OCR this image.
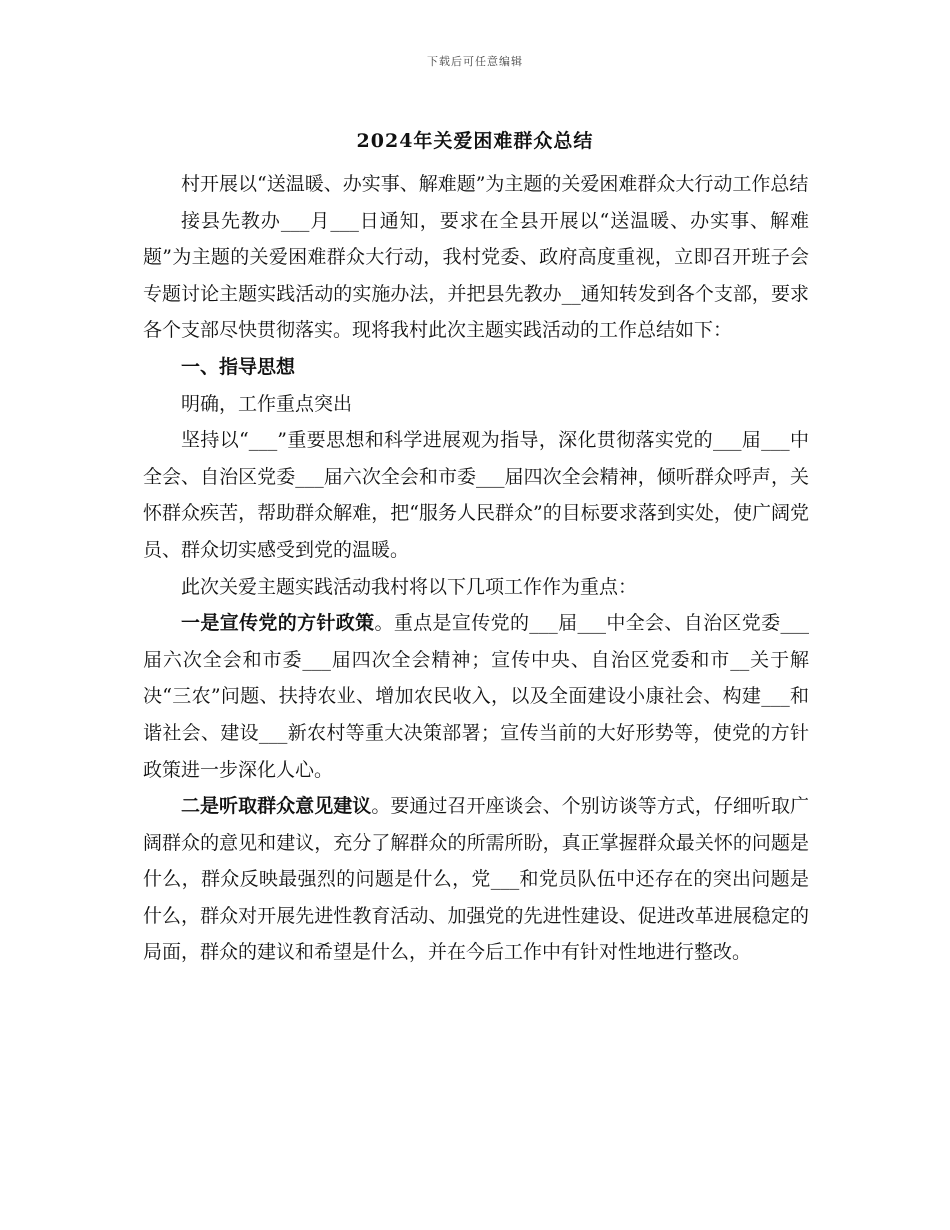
下载后可任意编辑
2024年关爱困难群众总结

村开展以“送温暖、办实事、解难题”为主题的关爱困难群众大行动工作总结

接县先教办___月___日通知，要求在全县开展以“送温暖、办实事、解难题”为主题的关爱困难群众大行动，我村党委、政府高度重视，立即召开班子会专题讨论主题实践活动的实施办法，并把县先教办__通知转发到各个支部，要求各个支部尽快贯彻落实。现将我村此次主题实践活动的工作总结如下：

一、指导思想

明确，工作重点突出

坚持以“___”重要思想和科学进展观为指导，深化贯彻落实党的___届___中全会、自治区党委___届六次全会和市委___届四次全会精神，倾听群众呼声，关怀群众疾苦，帮助群众解难，把“服务人民群众”的目标要求落到实处，使广阔党员、群众切实感受到党的温暖。

此次关爱主题实践活动我村将以下几项工作作为重点：

一是宣传党的方针政策。重点是宣传党的___届___中全会、自治区党委___届六次全会和市委___届四次全会精神；宣传中央、自治区党委和市__关于解决“三农”问题、扶持农业、增加农民收入，以及全面建设小康社会、构建___和谐社会、建设___新农村等重大决策部署；宣传当前的大好形势等，使党的方针政策进一步深化人心。

二是听取群众意见建议。要通过召开座谈会、个别访谈等方式，仔细听取广阔群众的意见和建议，充分了解群众的所需所盼，真正掌握群众最关怀的问题是什么，群众反映最强烈的问题是什么，党___和党员队伍中还存在的突出问题是什么，群众对开展先进性教育活动、加强党的先进性建设、促进改革进展稳定的局面，群众的建议和希望是什么，并在今后工作中有针对性地进行整改。
